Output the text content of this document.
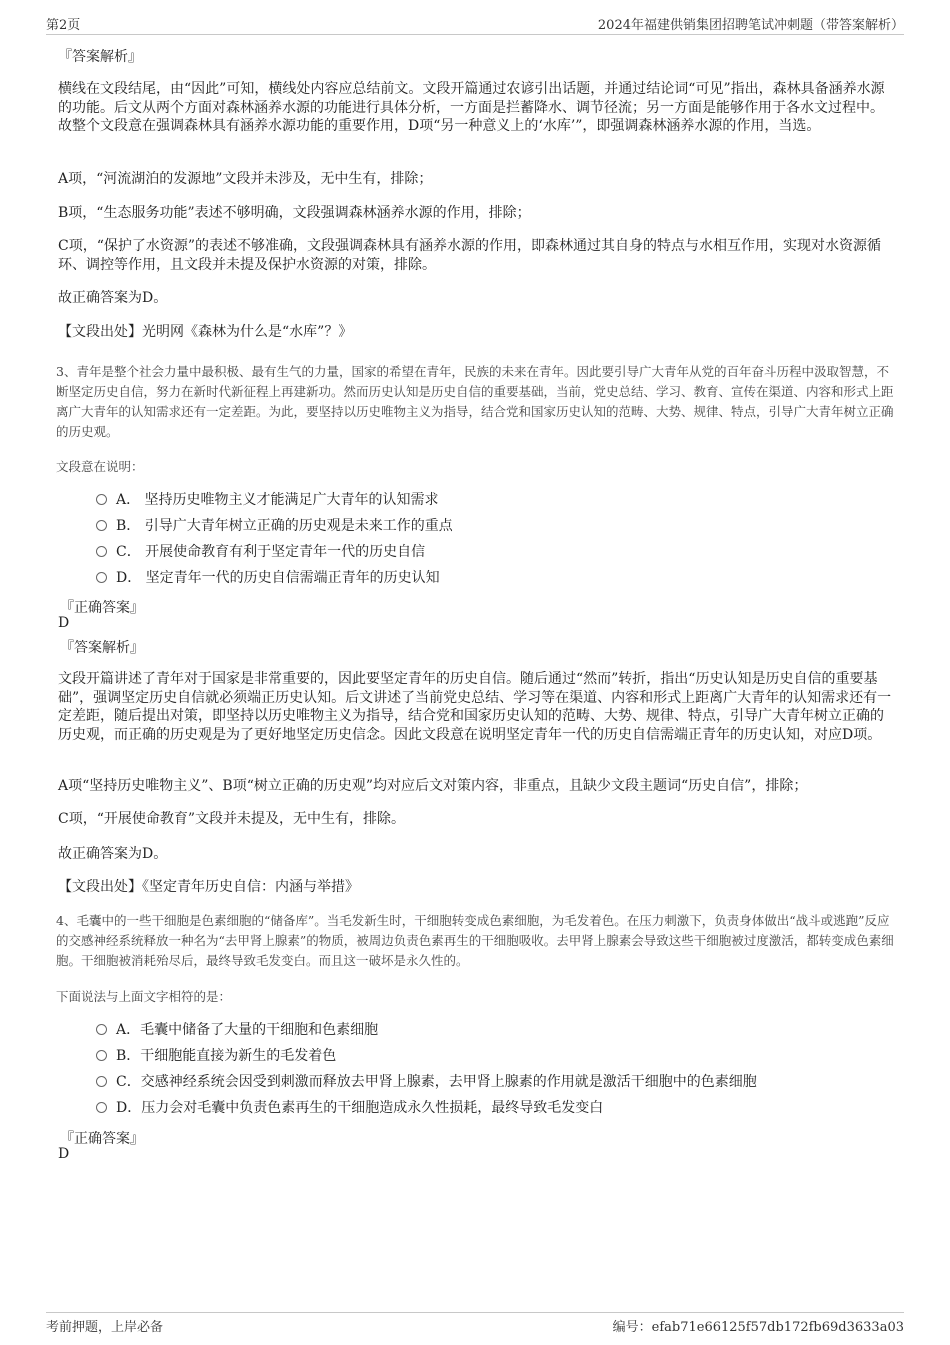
第2页	2024年福建供销集团招聘笔试冲刺题（带答案解析）
『答案解析』
横线在文段结尾，由“因此”可知，横线处内容应总结前文。文段开篇通过农谚引出话题，并通过结论词“可见”指出，森林具备涵养水源的功能。后文从两个方面对森林涵养水源的功能进行具体分析，一方面是拦蓄降水、调节径流；另一方面是能够作用于各水文过程中。故整个文段意在强调森林具有涵养水源功能的重要作用，D项“另一种意义上的‘水库’”，即强调森林涵养水源的作用，当选。
A项，“河流湖泊的发源地”文段并未涉及，无中生有，排除；
B项，“生态服务功能”表述不够明确，文段强调森林涵养水源的作用，排除；
C项，“保护了水资源”的表述不够准确，文段强调森林具有涵养水源的作用，即森林通过其自身的特点与水相互作用，实现对水资源循环、调控等作用，且文段并未提及保护水资源的对策，排除。
故正确答案为D。
【文段出处】光明网《森林为什么是“水库”？》
3、青年是整个社会力量中最积极、最有生气的力量，国家的希望在青年，民族的未来在青年。因此要引导广大青年从党的百年奋斗历程中汲取智慧，不断坚定历史自信，努力在新时代新征程上再建新功。然而历史认知是历史自信的重要基础，当前，党史总结、学习、教育、宣传在渠道、内容和形式上距离广大青年的认知需求还有一定差距。为此，要坚持以历史唯物主义为指导，结合党和国家历史认知的范畴、大势、规律、特点，引导广大青年树立正确的历史观。
文段意在说明：
A． 坚持历史唯物主义才能满足广大青年的认知需求
B． 引导广大青年树立正确的历史观是未来工作的重点
C． 开展使命教育有利于坚定青年一代的历史自信
D． 坚定青年一代的历史自信需端正青年的历史认知
『正确答案』
D
『答案解析』
文段开篇讲述了青年对于国家是非常重要的，因此要坚定青年的历史自信。随后通过“然而”转折，指出“历史认知是历史自信的重要基础”，强调坚定历史自信就必须端正历史认知。后文讲述了当前党史总结、学习等在渠道、内容和形式上距离广大青年的认知需求还有一定差距，随后提出对策，即坚持以历史唯物主义为指导，结合党和国家历史认知的范畴、大势、规律、特点，引导广大青年树立正确的历史观，而正确的历史观是为了更好地坚定历史信念。因此文段意在说明坚定青年一代的历史自信需端正青年的历史认知，对应D项。
A项“坚持历史唯物主义”、B项“树立正确的历史观”均对应后文对策内容，非重点，且缺少文段主题词“历史自信”，排除；
C项，“开展使命教育”文段并未提及，无中生有，排除。
故正确答案为D。
【文段出处】《坚定青年历史自信：内涵与举措》
4、毛囊中的一些干细胞是色素细胞的“储备库”。当毛发新生时，干细胞转变成色素细胞，为毛发着色。在压力刺激下，负责身体做出“战斗或逃跑”反应的交感神经系统释放一种名为“去甲肾上腺素”的物质，被周边负责色素再生的干细胞吸收。去甲肾上腺素会导致这些干细胞被过度激活，都转变成色素细胞。干细胞被消耗殆尽后，最终导致毛发变白。而且这一破坏是永久性的。
下面说法与上面文字相符的是：
A．毛囊中储备了大量的干细胞和色素细胞
B．干细胞能直接为新生的毛发着色
C．交感神经系统会因受到刺激而释放去甲肾上腺素，去甲肾上腺素的作用就是激活干细胞中的色素细胞
D．压力会对毛囊中负责色素再生的干细胞造成永久性损耗，最终导致毛发变白
『正确答案』
D
考前押题，上岸必备	编号：efab71e66125f57db172fb69d3633a03
